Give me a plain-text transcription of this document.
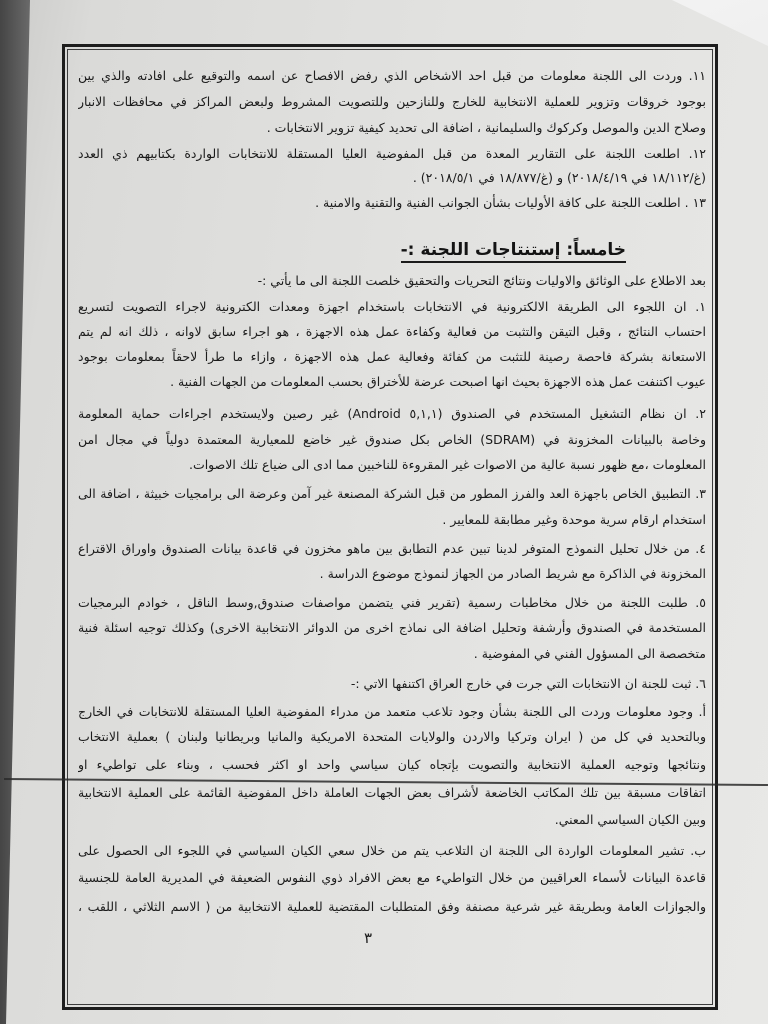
١١. وردت الى اللجنة معلومات من قبل احد الاشخاص الذي رفض الافصاح عن اسمه والتوقيع على افادته والذي بين
بوجود خروقات وتزوير للعملية الانتخابية للخارج وللنازحين وللتصويت المشروط ولبعض المراكز في محافظات الانبار
وصلاح الدين والموصل وكركوك والسليمانية ، اضافة الى تحديد كيفية تزوير الانتخابات .
١٢. اطلعت اللجنة على التقارير المعدة من قبل المفوضية العليا المستقلة للانتخابات الواردة بكتابيهم ذي العدد
(غ/١٨/١١٢ في ٢٠١٨/٤/١٩) و (غ/١٨/٨٧٧ في ٢٠١٨/٥/١) .
١٣ . اطلعت اللجنة على كافة الأوليات بشأن الجوانب الفنية والتقنية والامنية .
خامساً: إستنتاجات اللجنة :-
بعد الاطلاع على الوثائق والاوليات ونتائج التحريات والتحقيق خلصت اللجنة الى ما يأتي :-
١. ان اللجوء الى الطريقة الالكترونية في الانتخابات باستخدام اجهزة ومعدات الكترونية لاجراء التصويت لتسريع
احتساب النتائج ، وقبل التيقن والتثبت من فعالية وكفاءة عمل هذه الاجهزة ، هو اجراء سابق لاوانه ، ذلك انه لم يتم
الاستعانة بشركة فاحصة رصينة للتثبت من كفائة وفعالية عمل هذه الاجهزة ، وازاء ما طرأ لاحقاً بمعلومات بوجود
عيوب اكتنفت عمل هذه الاجهزة بحيث انها اصبحت عرضة للأختراق بحسب المعلومات من الجهات الفنية .
٢. ان نظام التشغيل المستخدم في الصندوق (٥,١,١ Android) غير رصين ولايستخدم اجراءات حماية المعلومة
وخاصة بالبيانات المخزونة في (SDRAM) الخاص بكل صندوق غير خاضع للمعيارية المعتمدة دولياً في مجال امن
المعلومات ،مع ظهور نسبة عالية من الاصوات غير المقروءة للناخبين مما ادى الى ضياع تلك الاصوات.
٣. التطبيق الخاص باجهزة العد والفرز المطور من قبل الشركة المصنعة غير آمن وعرضة الى برامجيات خبيثة ، اضافة الى
استخدام ارقام سرية موحدة وغير مطابقة للمعايير .
٤. من خلال تحليل النموذج المتوفر لدينا تبين عدم التطابق بين ماهو مخزون في قاعدة بيانات الصندوق واوراق الاقتراع
المخزونة في الذاكرة مع شريط الصادر من الجهاز لنموذج موضوع الدراسة .
٥. طلبت اللجنة من خلال مخاطبات رسمية (تقرير فني يتضمن مواصفات صندوق,وسط الناقل ، خوادم البرمجيات
المستخدمة في الصندوق وأرشفة وتحليل اضافة الى نماذج اخرى من الدوائر الانتخابية الاخرى) وكذلك توجيه اسئلة فنية
متخصصة الى المسؤول الفني في المفوضية .
٦. ثبت للجنة ان الانتخابات التي جرت في خارج العراق اكتنفها الاتي :-
أ. وجود معلومات وردت الى اللجنة بشأن وجود تلاعب متعمد من مدراء المفوضية العليا المستقلة للانتخابات في الخارج
وبالتحديد في كل من ( ايران وتركيا والاردن والولايات المتحدة الامريكية والمانيا وبريطانيا ولبنان ) بعملية الانتخاب
ونتائجها وتوجيه العملية الانتخابية والتصويت بإتجاه كيان سياسي واحد او اكثر فحسب ، وبناء على تواطيء او
اتفاقات مسبقة بين تلك المكاتب الخاضعة لأشراف بعض الجهات العاملة داخل المفوضية القائمة على العملية الانتخابية
وبين الكيان السياسي المعني.
ب. تشير المعلومات الواردة الى اللجنة ان التلاعب يتم من خلال سعي الكيان السياسي في اللجوء الى الحصول على
قاعدة البيانات لأسماء العراقيين من خلال التواطيء مع بعض الافراد ذوي النفوس الضعيفة في المديرية العامة للجنسية
والجوازات العامة وبطريقة غير شرعية مصنفة وفق المتطلبات المقتضية للعملية الانتخابية من ( الاسم الثلاثي ، اللقب ،
٣
